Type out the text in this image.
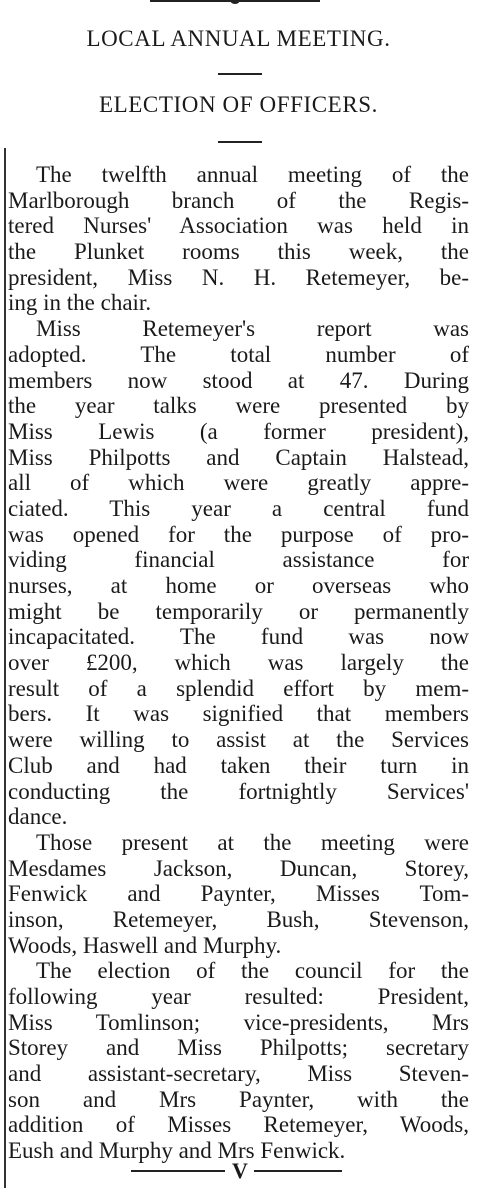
LOCAL ANNUAL MEETING.
ELECTION OF OFFICERS.
The twelfth annual meeting of the
Marlborough branch of the Regis-
tered Nurses' Association was held in
the Plunket rooms this week, the
president, Miss N. H. Retemeyer, be-
ing in the chair.
Miss Retemeyer's report was
adopted. The total number of
members now stood at 47. During
the year talks were presented by
Miss Lewis (a former president),
Miss Philpotts and Captain Halstead,
all of which were greatly appre-
ciated. This year a central fund
was opened for the purpose of pro-
viding financial assistance for
nurses, at home or overseas who
might be temporarily or permanently
incapacitated. The fund was now
over £200, which was largely the
result of a splendid effort by mem-
bers. It was signified that members
were willing to assist at the Services
Club and had taken their turn in
conducting the fortnightly Services'
dance.
Those present at the meeting were
Mesdames Jackson, Duncan, Storey,
Fenwick and Paynter, Misses Tom-
inson, Retemeyer, Bush, Stevenson,
Woods, Haswell and Murphy.
The election of the council for the
following year resulted: President,
Miss Tomlinson; vice-presidents, Mrs
Storey and Miss Philpotts; secretary
and assistant-secretary, Miss Steven-
son and Mrs Paynter, with the
addition of Misses Retemeyer, Woods,
Eush and Murphy and Mrs Fenwick.
V
